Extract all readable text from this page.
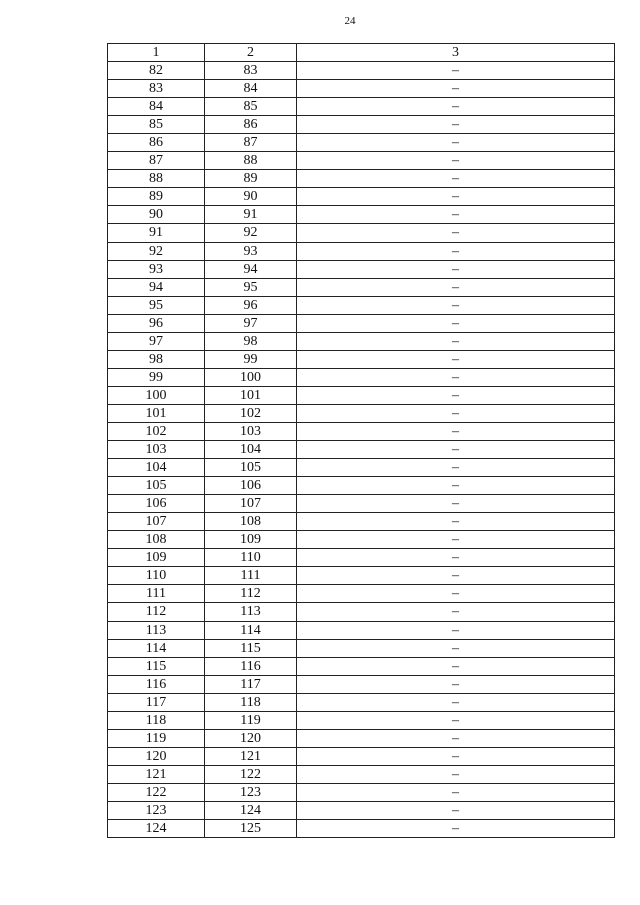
24
1	2	3
82	83	–
83	84	–
84	85	–
85	86	–
86	87	–
87	88	–
88	89	–
89	90	–
90	91	–
91	92	–
92	93	–
93	94	–
94	95	–
95	96	–
96	97	–
97	98	–
98	99	–
99	100	–
100	101	–
101	102	–
102	103	–
103	104	–
104	105	–
105	106	–
106	107	–
107	108	–
108	109	–
109	110	–
110	111	–
111	112	–
112	113	–
113	114	–
114	115	–
115	116	–
116	117	–
117	118	–
118	119	–
119	120	–
120	121	–
121	122	–
122	123	–
123	124	–
124	125	–
